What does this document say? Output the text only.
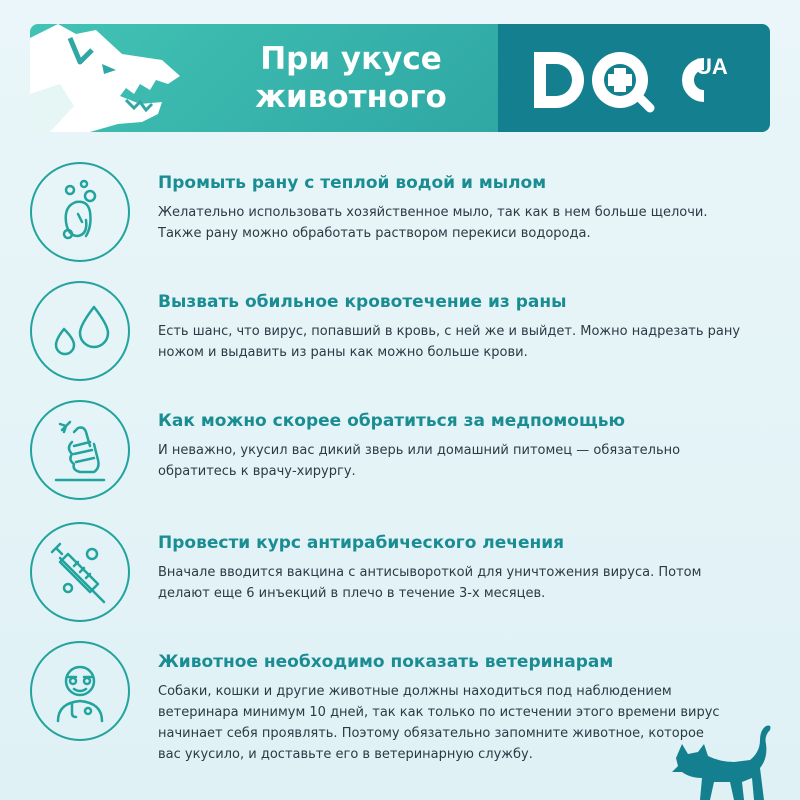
При укусе
животного
UA
Промыть рану с теплой водой и мылом
Желательно использовать хозяйственное мыло, так как в нем больше щелочи.
Также рану можно обработать раствором перекиси водорода.
Вызвать обильное кровотечение из раны
Есть шанс, что вирус, попавший в кровь, с ней же и выйдет. Можно надрезать рану
ножом и выдавить из раны как можно больше крови.
Как можно скорее обратиться за медпомощью
И неважно, укусил вас дикий зверь или домашний питомец — обязательно
обратитесь к врачу-хирургу.
Провести курс антирабического лечения
Вначале вводится вакцина с антисывороткой для уничтожения вируса. Потом
делают еще 6 инъекций в плечо в течение 3-х месяцев.
Животное необходимо показать ветеринарам
Собаки, кошки и другие животные должны находиться под наблюдением
ветеринара минимум 10 дней, так как только по истечении этого времени вирус
начинает себя проявлять. Поэтому обязательно запомните животное, которое
вас укусило, и доставьте его в ветеринарную службу.
